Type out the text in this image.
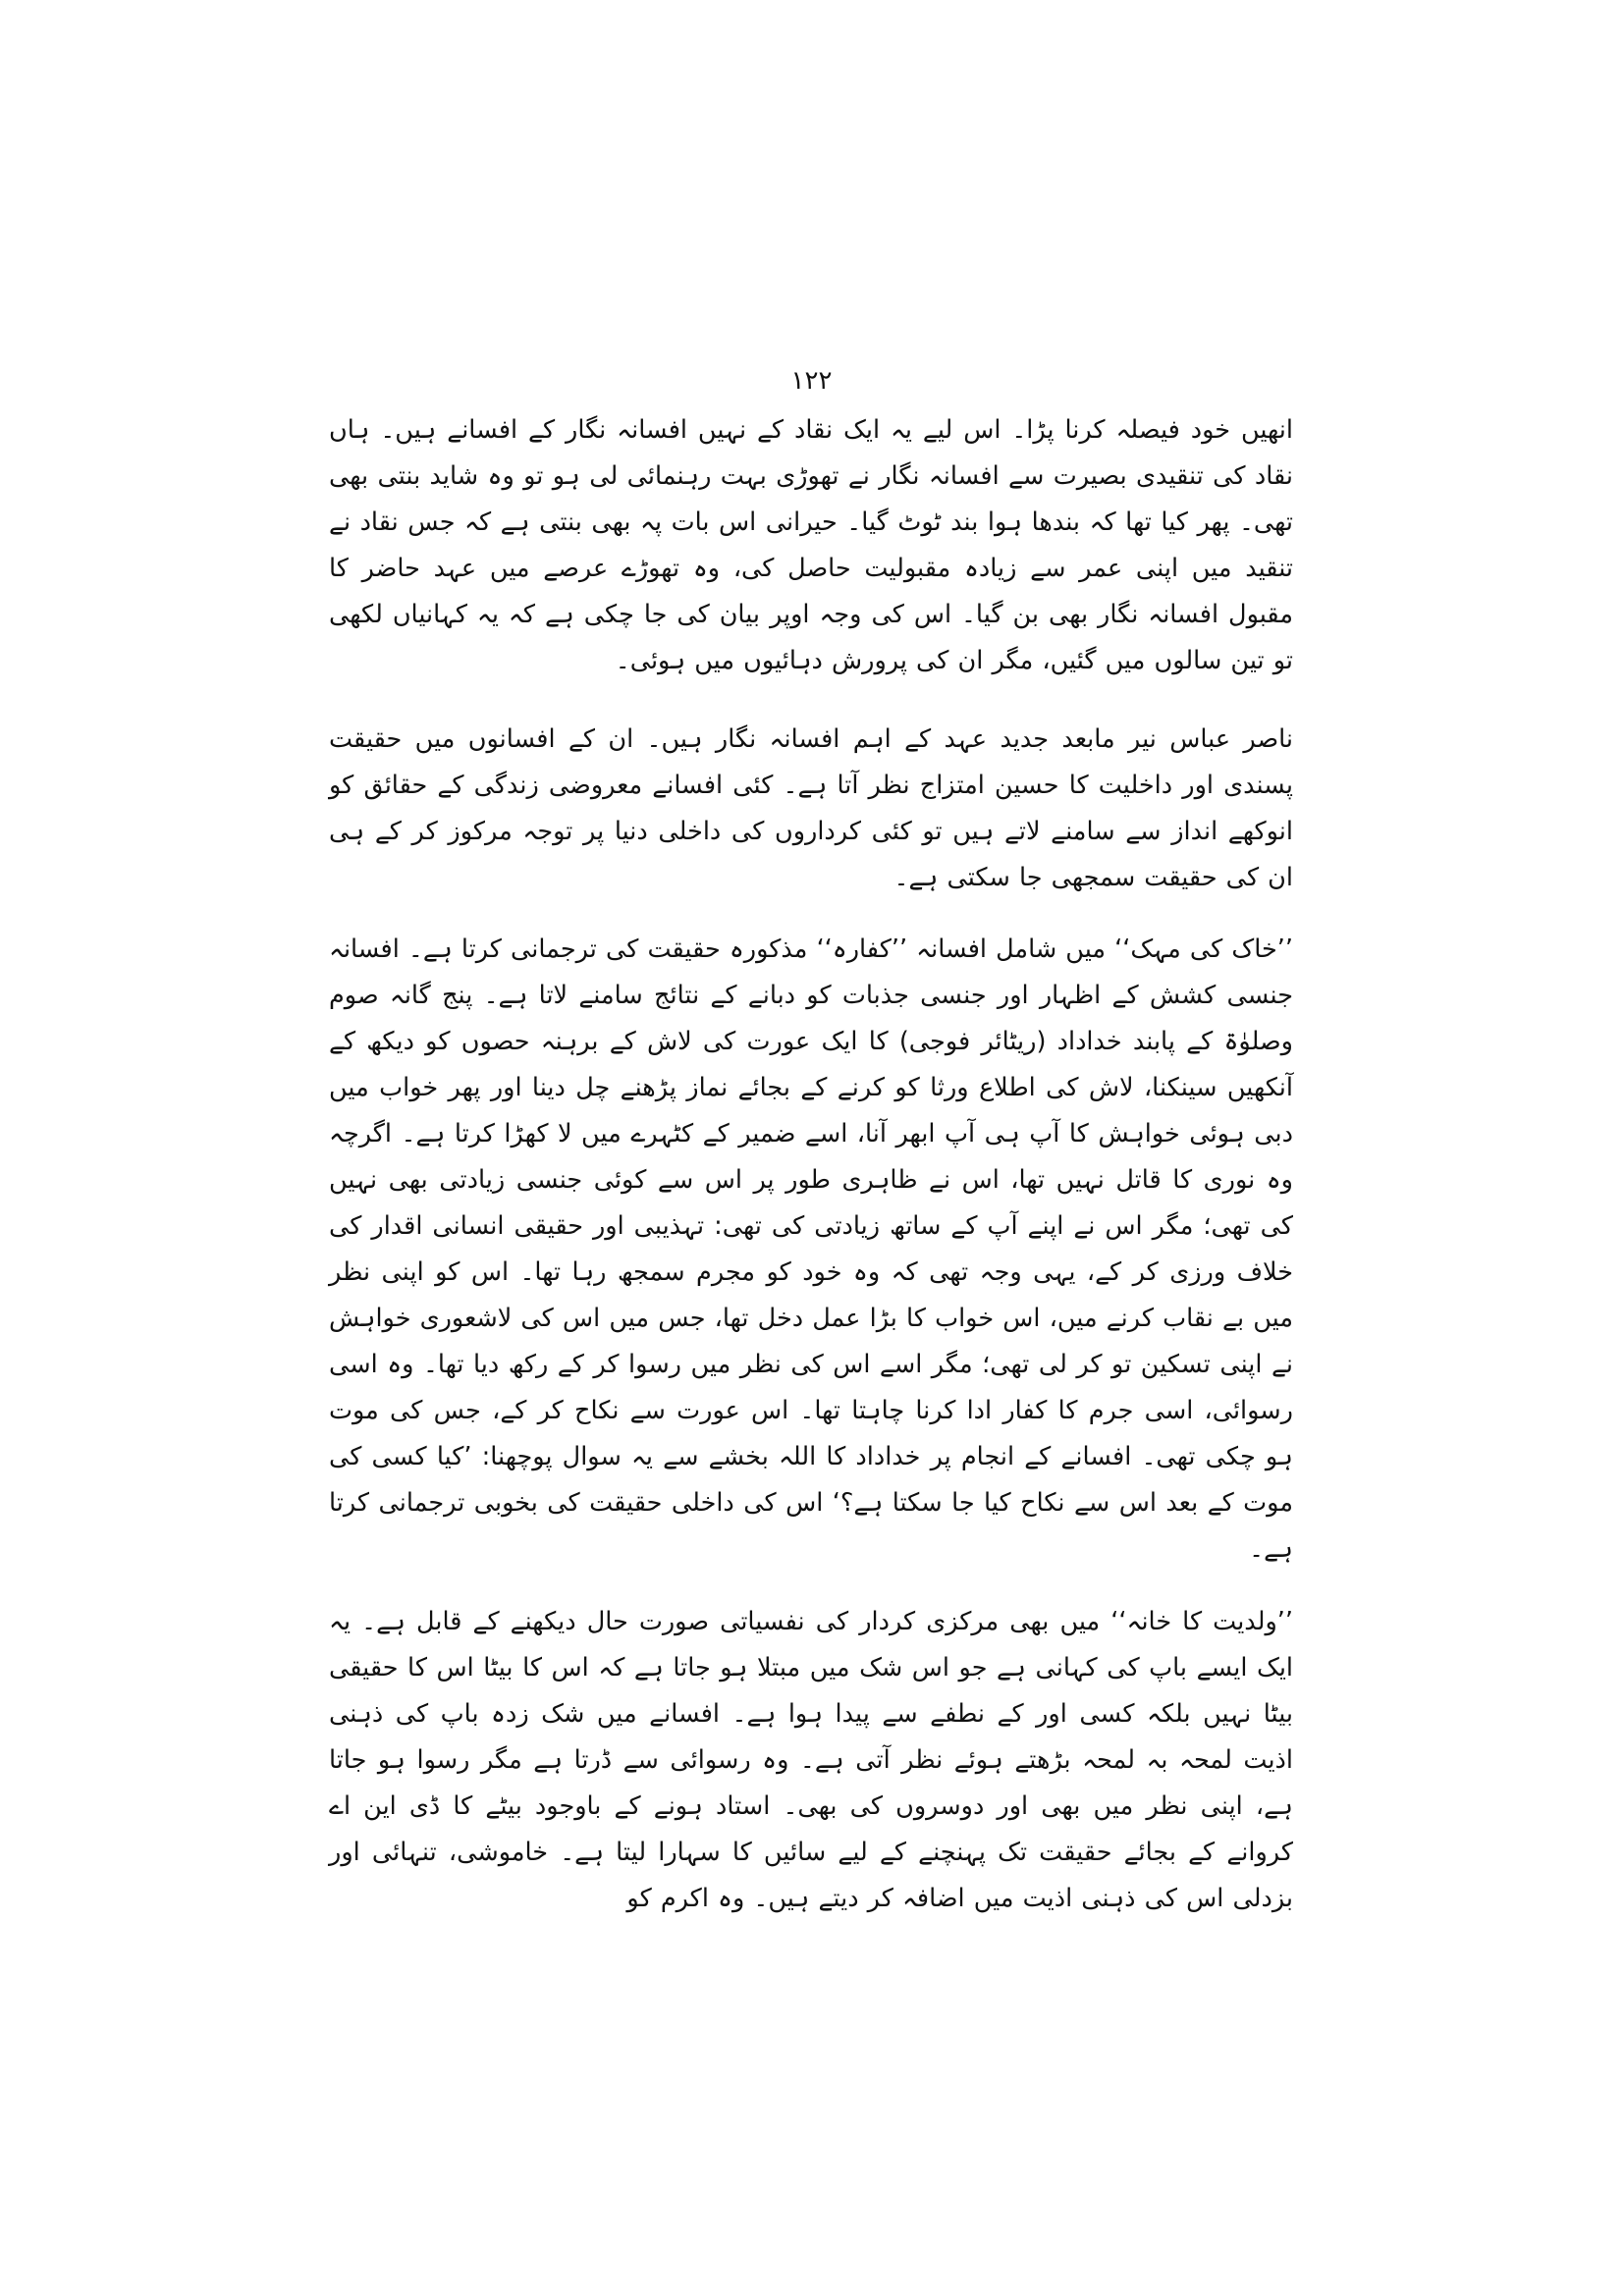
۱۲۲

انھیں خود فیصلہ کرنا پڑا۔ اس لیے یہ ایک نقاد کے نہیں افسانہ نگار کے افسانے ہیں۔ ہاں نقاد کی تنقیدی بصیرت سے افسانہ نگار نے تھوڑی بہت رہنمائی لی ہو تو وہ شاید بنتی بھی تھی۔ پھر کیا تھا کہ بندھا ہوا بند ٹوٹ گیا۔ حیرانی اس بات پہ بھی بنتی ہے کہ جس نقاد نے تنقید میں اپنی عمر سے زیادہ مقبولیت حاصل کی، وہ تھوڑے عرصے میں عہد حاضر کا مقبول افسانہ نگار بھی بن گیا۔ اس کی وجہ اوپر بیان کی جا چکی ہے کہ یہ کہانیاں لکھی تو تین سالوں میں گئیں، مگر ان کی پرورش دہائیوں میں ہوئی۔

ناصر عباس نیر مابعد جدید عہد کے اہم افسانہ نگار ہیں۔ ان کے افسانوں میں حقیقت پسندی اور داخلیت کا حسین امتزاج نظر آتا ہے۔ کئی افسانے معروضی زندگی کے حقائق کو انوکھے انداز سے سامنے لاتے ہیں تو کئی کرداروں کی داخلی دنیا پر توجہ مرکوز کر کے ہی ان کی حقیقت سمجھی جا سکتی ہے۔

’’خاک کی مہک‘‘ میں شامل افسانہ ’’کفارہ‘‘ مذکورہ حقیقت کی ترجمانی کرتا ہے۔ افسانہ جنسی کشش کے اظہار اور جنسی جذبات کو دبانے کے نتائج سامنے لاتا ہے۔ پنج گانہ صوم وصلوٰۃ کے پابند خداداد (ریٹائر فوجی) کا ایک عورت کی لاش کے برہنہ حصوں کو دیکھ کے آنکھیں سینکنا، لاش کی اطلاع ورثا کو کرنے کے بجائے نماز پڑھنے چل دینا اور پھر خواب میں دبی ہوئی خواہش کا آپ ہی آپ ابھر آنا، اسے ضمیر کے کٹہرے میں لا کھڑا کرتا ہے۔ اگرچہ وہ نوری کا قاتل نہیں تھا، اس نے ظاہری طور پر اس سے کوئی جنسی زیادتی بھی نہیں کی تھی؛ مگر اس نے اپنے آپ کے ساتھ زیادتی کی تھی: تہذیبی اور حقیقی انسانی اقدار کی خلاف ورزی کر کے، یہی وجہ تھی کہ وہ خود کو مجرم سمجھ رہا تھا۔ اس کو اپنی نظر میں بے نقاب کرنے میں، اس خواب کا بڑا عمل دخل تھا، جس میں اس کی لاشعوری خواہش نے اپنی تسکین تو کر لی تھی؛ مگر اسے اس کی نظر میں رسوا کر کے رکھ دیا تھا۔ وہ اسی رسوائی، اسی جرم کا کفار ادا کرنا چاہتا تھا۔ اس عورت سے نکاح کر کے، جس کی موت ہو چکی تھی۔ افسانے کے انجام پر خداداد کا اللہ بخشے سے یہ سوال پوچھنا: ’کیا کسی کی موت کے بعد اس سے نکاح کیا جا سکتا ہے؟‘ اس کی داخلی حقیقت کی بخوبی ترجمانی کرتا ہے۔

’’ولدیت کا خانہ‘‘ میں بھی مرکزی کردار کی نفسیاتی صورت حال دیکھنے کے قابل ہے۔ یہ ایک ایسے باپ کی کہانی ہے جو اس شک میں مبتلا ہو جاتا ہے کہ اس کا بیٹا اس کا حقیقی بیٹا نہیں بلکہ کسی اور کے نطفے سے پیدا ہوا ہے۔ افسانے میں شک زدہ باپ کی ذہنی اذیت لمحہ بہ لمحہ بڑھتے ہوئے نظر آتی ہے۔ وہ رسوائی سے ڈرتا ہے مگر رسوا ہو جاتا ہے، اپنی نظر میں بھی اور دوسروں کی بھی۔ استاد ہونے کے باوجود بیٹے کا ڈی این اے کروانے کے بجائے حقیقت تک پہنچنے کے لیے سائیں کا سہارا لیتا ہے۔ خاموشی، تنہائی اور بزدلی اس کی ذہنی اذیت میں اضافہ کر دیتے ہیں۔ وہ اکرم کو
